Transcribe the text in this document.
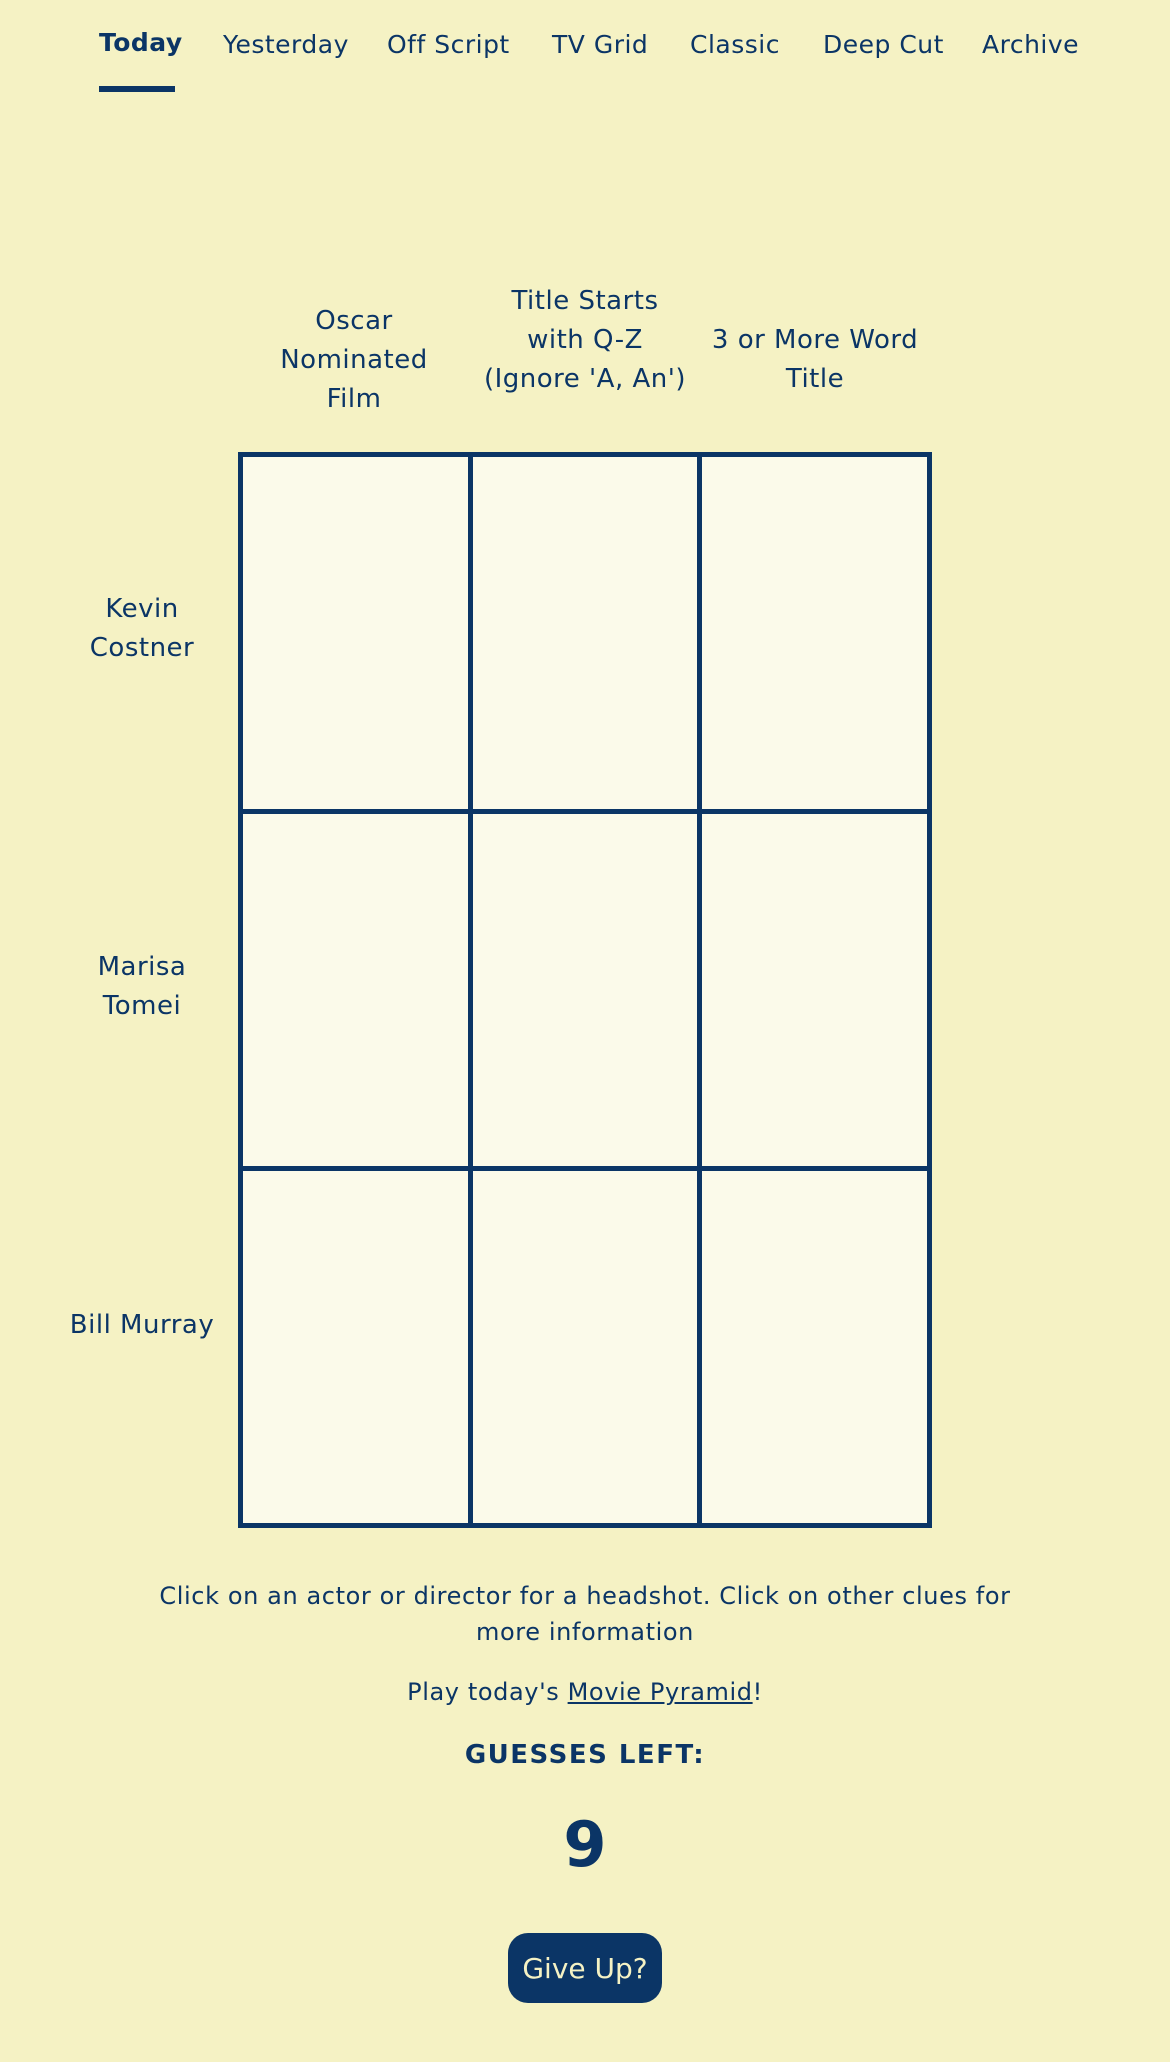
Today Yesterday Off Script TV Grid Classic Deep Cut Archive
Oscar Nominated Film
Title Starts with Q-Z (Ignore 'A, An')
3 or More Word Title
Kevin Costner
Marisa Tomei
Bill Murray
Click on an actor or director for a headshot. Click on other clues for more information
Play today's Movie Pyramid!
GUESSES LEFT:
9
Give Up?
